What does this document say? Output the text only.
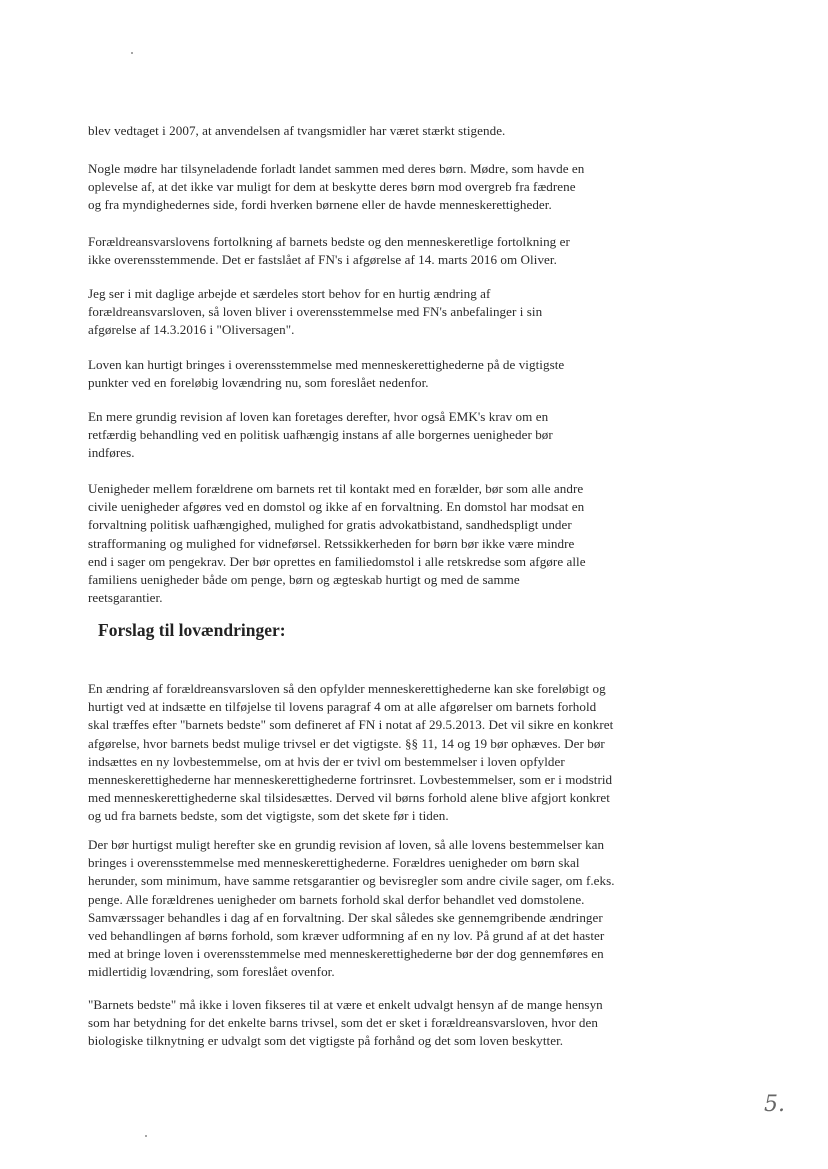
blev vedtaget i 2007, at anvendelsen af tvangsmidler har været stærkt stigende.
Nogle mødre har tilsyneladende forladt landet sammen med deres børn. Mødre, som havde en
oplevelse af, at det ikke var muligt for dem at beskytte deres børn mod overgreb fra fædrene
og fra myndighedernes side, fordi hverken børnene eller de havde menneskerettigheder.
Forældreansvarslovens fortolkning af barnets bedste og den menneskeretlige fortolkning er
ikke overensstemmende. Det er fastslået af FN's i afgørelse af 14. marts 2016 om Oliver.
Jeg ser i mit daglige arbejde et særdeles stort behov for en hurtig ændring af
forældreansvarsloven, så loven bliver i overensstemmelse med FN's anbefalinger i sin
afgørelse af 14.3.2016 i "Oliversagen".
Loven kan hurtigt bringes i overensstemmelse med menneskerettighederne på de vigtigste
punkter ved en foreløbig lovændring nu, som foreslået nedenfor.
En mere grundig revision af loven kan foretages derefter, hvor også EMK's krav om en
retfærdig behandling ved en politisk uafhængig instans af alle borgernes uenigheder bør
indføres.
Uenigheder mellem forældrene om barnets ret til kontakt med en forælder, bør som alle andre
civile uenigheder afgøres ved en domstol og ikke af en forvaltning. En domstol har modsat en
forvaltning politisk uafhængighed, mulighed for gratis advokatbistand, sandhedspligt under
strafformaning og mulighed for vidneførsel. Retssikkerheden for børn bør ikke være mindre
end i sager om pengekrav. Der bør oprettes en familiedomstol i alle retskredse som afgøre alle
familiens uenigheder både om penge, børn og ægteskab hurtigt og med de samme
reetsgarantier.
Forslag til lovændringer:
En ændring af forældreansvarsloven så den opfylder menneskerettighederne kan ske foreløbigt og
hurtigt ved at indsætte en tilføjelse til lovens paragraf 4 om at alle afgørelser om barnets forhold
skal træffes efter "barnets bedste" som defineret af FN i notat af 29.5.2013. Det vil sikre en konkret
afgørelse, hvor barnets bedst mulige trivsel er det vigtigste. §§ 11, 14 og 19 bør ophæves. Der bør
indsættes en ny lovbestemmelse, om at hvis der er tvivl om bestemmelser i loven opfylder
menneskerettighederne har menneskerettighederne fortrinsret. Lovbestemmelser, som er i modstrid
med menneskerettighederne skal tilsidesættes. Derved vil børns forhold alene blive afgjort konkret
og ud fra barnets bedste, som det vigtigste, som det skete før i tiden.
Der bør hurtigst muligt herefter ske en grundig revision af loven, så alle lovens bestemmelser kan
bringes i overensstemmelse med menneskerettighederne. Forældres uenigheder om børn skal
herunder, som minimum, have samme retsgarantier og bevisregler som andre civile sager, om f.eks.
penge. Alle forældrenes uenigheder om barnets forhold skal derfor behandlet ved domstolene.
Samværssager behandles i dag af en forvaltning. Der skal således ske gennemgribende ændringer
ved behandlingen af børns forhold, som kræver udformning af en ny lov. På grund af at det haster
med at bringe loven i overensstemmelse med menneskerettighederne bør der dog gennemføres en
midlertidig lovændring, som foreslået ovenfor.
"Barnets bedste" må ikke i loven fikseres til at være et enkelt udvalgt hensyn af de mange hensyn
som har betydning for det enkelte barns trivsel, som det er sket i forældreansvarsloven, hvor den
biologiske tilknytning er udvalgt som det vigtigste på forhånd og det som loven beskytter.
5.
